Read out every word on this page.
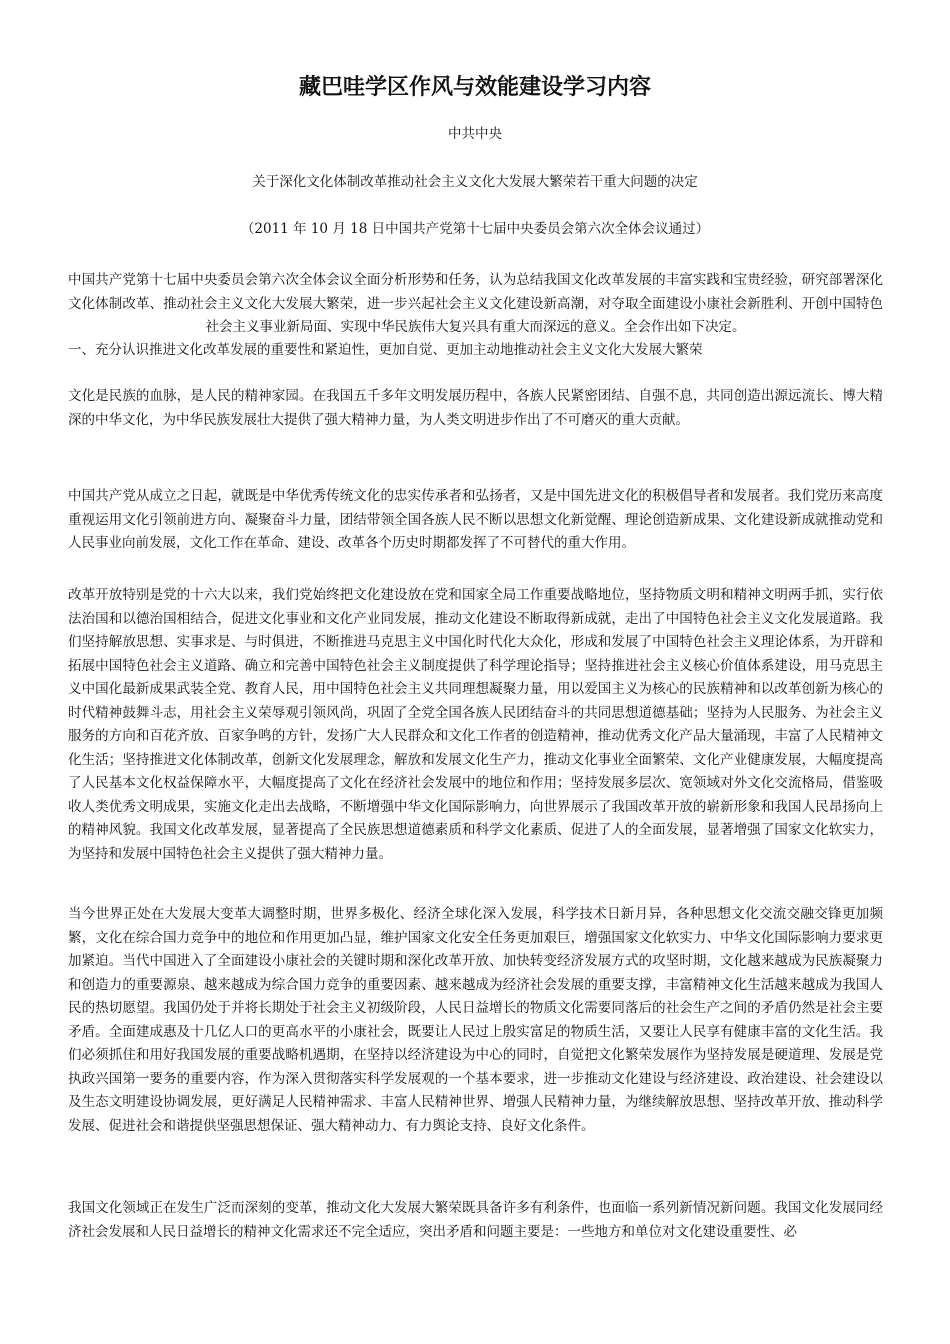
藏巴哇学区作风与效能建设学习内容

中共中央

关于深化文化体制改革推动社会主义文化大发展大繁荣若干重大问题的决定

（2011 年 10 月 18 日中国共产党第十七届中央委员会第六次全体会议通过）

中国共产党第十七届中央委员会第六次全体会议全面分析形势和任务，认为总结我国文化改革发展的丰富实践和宝贵经验，研究部署深化文化体制改革、推动社会主义文化大发展大繁荣，进一步兴起社会主义文化建设新高潮，对夺取全面建设小康社会新胜利、开创中国特色社会主义事业新局面、实现中华民族伟大复兴具有重大而深远的意义。全会作出如下决定。

一、充分认识推进文化改革发展的重要性和紧迫性，更加自觉、更加主动地推动社会主义文化大发展大繁荣

文化是民族的血脉，是人民的精神家园。在我国五千多年文明发展历程中，各族人民紧密团结、自强不息，共同创造出源远流长、博大精深的中华文化，为中华民族发展壮大提供了强大精神力量，为人类文明进步作出了不可磨灭的重大贡献。

中国共产党从成立之日起，就既是中华优秀传统文化的忠实传承者和弘扬者，又是中国先进文化的积极倡导者和发展者。我们党历来高度重视运用文化引领前进方向、凝聚奋斗力量，团结带领全国各族人民不断以思想文化新觉醒、理论创造新成果、文化建设新成就推动党和人民事业向前发展，文化工作在革命、建设、改革各个历史时期都发挥了不可替代的重大作用。

改革开放特别是党的十六大以来，我们党始终把文化建设放在党和国家全局工作重要战略地位，坚持物质文明和精神文明两手抓，实行依法治国和以德治国相结合，促进文化事业和文化产业同发展，推动文化建设不断取得新成就，走出了中国特色社会主义文化发展道路。我们坚持解放思想、实事求是、与时俱进，不断推进马克思主义中国化时代化大众化，形成和发展了中国特色社会主义理论体系，为开辟和拓展中国特色社会主义道路、确立和完善中国特色社会主义制度提供了科学理论指导；坚持推进社会主义核心价值体系建设，用马克思主义中国化最新成果武装全党、教育人民，用中国特色社会主义共同理想凝聚力量，用以爱国主义为核心的民族精神和以改革创新为核心的时代精神鼓舞斗志，用社会主义荣辱观引领风尚，巩固了全党全国各族人民团结奋斗的共同思想道德基础；坚持为人民服务、为社会主义服务的方向和百花齐放、百家争鸣的方针，发扬广大人民群众和文化工作者的创造精神，推动优秀文化产品大量涌现，丰富了人民精神文化生活；坚持推进文化体制改革，创新文化发展理念，解放和发展文化生产力，推动文化事业全面繁荣、文化产业健康发展，大幅度提高了人民基本文化权益保障水平，大幅度提高了文化在经济社会发展中的地位和作用；坚持发展多层次、宽领域对外文化交流格局，借鉴吸收人类优秀文明成果，实施文化走出去战略，不断增强中华文化国际影响力，向世界展示了我国改革开放的崭新形象和我国人民昂扬向上的精神风貌。我国文化改革发展，显著提高了全民族思想道德素质和科学文化素质、促进了人的全面发展，显著增强了国家文化软实力，为坚持和发展中国特色社会主义提供了强大精神力量。

当今世界正处在大发展大变革大调整时期，世界多极化、经济全球化深入发展，科学技术日新月异，各种思想文化交流交融交锋更加频繁，文化在综合国力竞争中的地位和作用更加凸显，维护国家文化安全任务更加艰巨，增强国家文化软实力、中华文化国际影响力要求更加紧迫。当代中国进入了全面建设小康社会的关键时期和深化改革开放、加快转变经济发展方式的攻坚时期，文化越来越成为民族凝聚力和创造力的重要源泉、越来越成为综合国力竞争的重要因素、越来越成为经济社会发展的重要支撑，丰富精神文化生活越来越成为我国人民的热切愿望。我国仍处于并将长期处于社会主义初级阶段，人民日益增长的物质文化需要同落后的社会生产之间的矛盾仍然是社会主要矛盾。全面建成惠及十几亿人口的更高水平的小康社会，既要让人民过上殷实富足的物质生活，又要让人民享有健康丰富的文化生活。我们必须抓住和用好我国发展的重要战略机遇期，在坚持以经济建设为中心的同时，自觉把文化繁荣发展作为坚持发展是硬道理、发展是党执政兴国第一要务的重要内容，作为深入贯彻落实科学发展观的一个基本要求，进一步推动文化建设与经济建设、政治建设、社会建设以及生态文明建设协调发展，更好满足人民精神需求、丰富人民精神世界、增强人民精神力量，为继续解放思想、坚持改革开放、推动科学发展、促进社会和谐提供坚强思想保证、强大精神动力、有力舆论支持、良好文化条件。

我国文化领域正在发生广泛而深刻的变革，推动文化大发展大繁荣既具备许多有利条件，也面临一系列新情况新问题。我国文化发展同经济社会发展和人民日益增长的精神文化需求还不完全适应，突出矛盾和问题主要是：一些地方和单位对文化建设重要性、必
